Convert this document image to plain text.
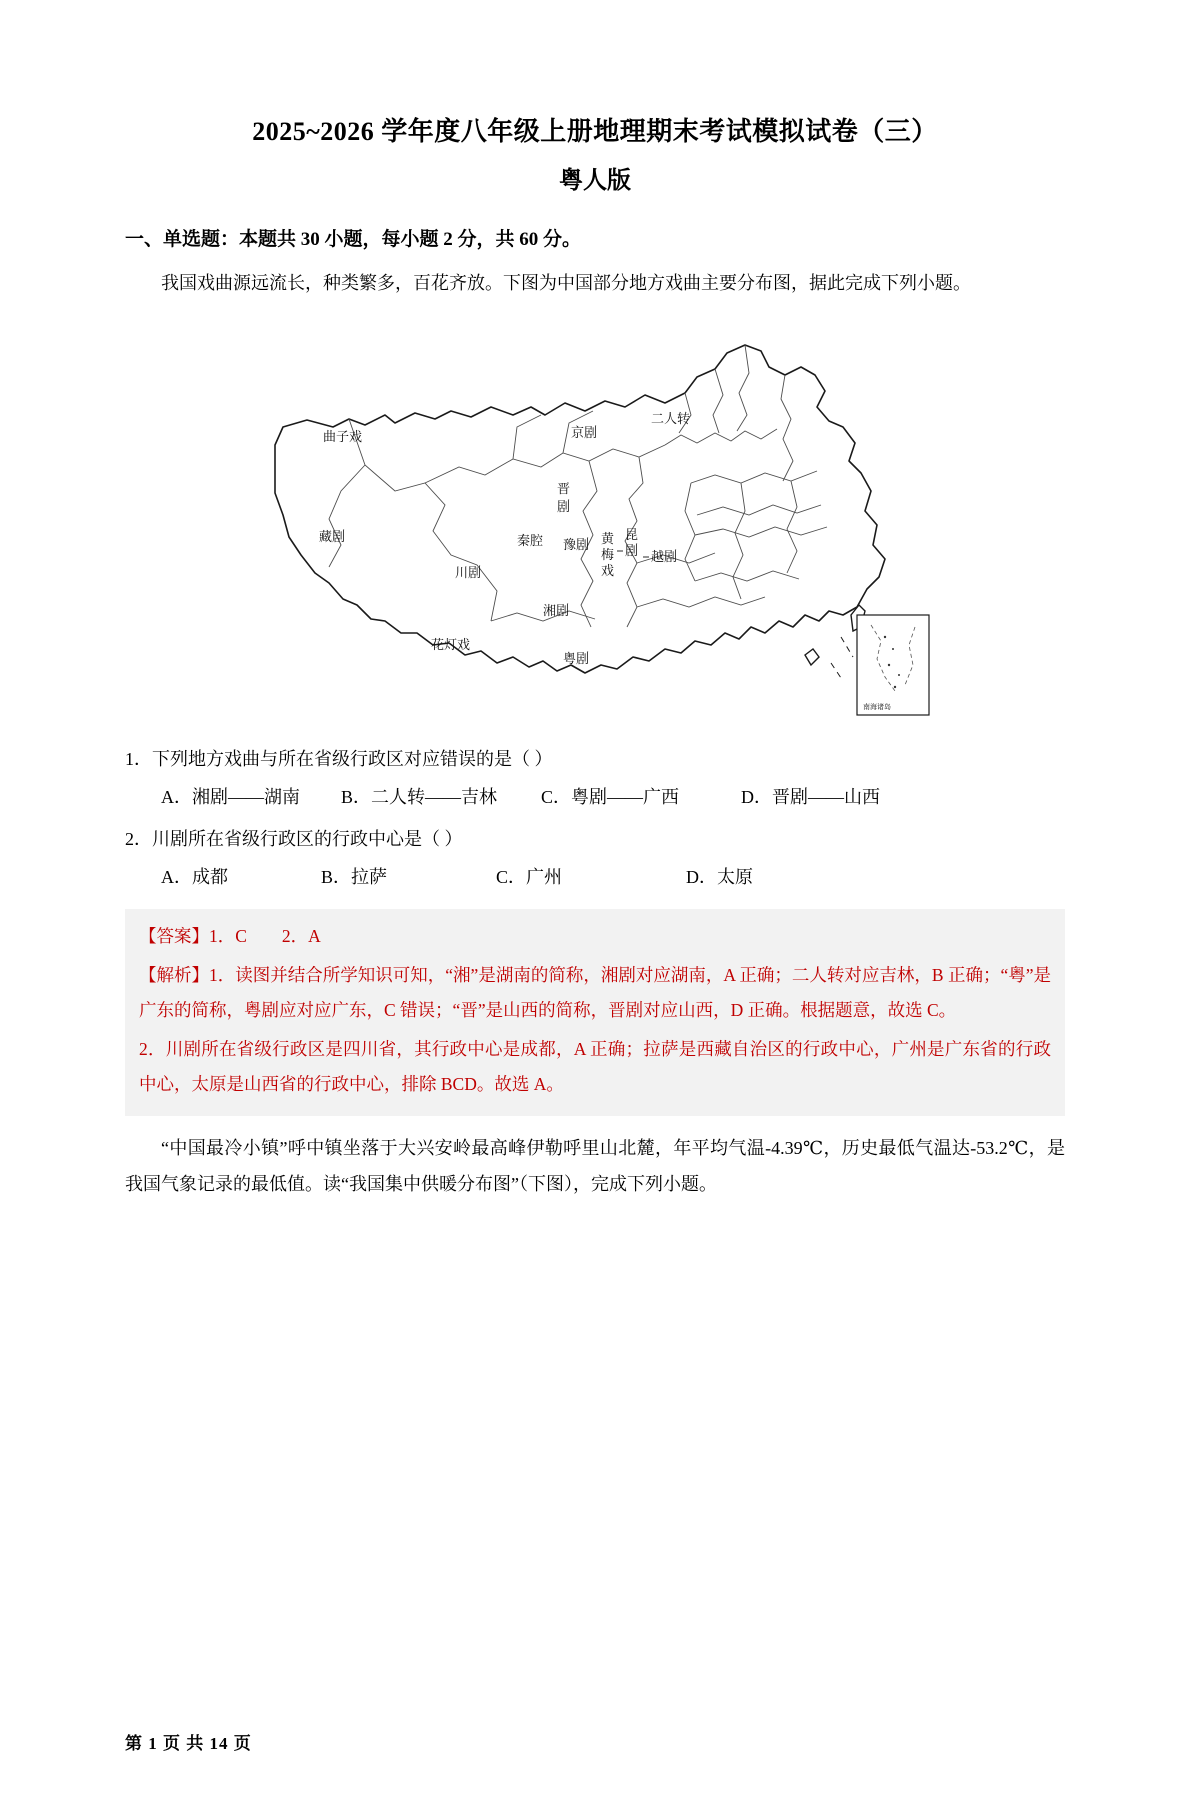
2025~2026 学年度八年级上册地理期末考试模拟试卷（三）
粤人版
一、单选题：本题共 30 小题，每小题 2 分，共 60 分。
我国戏曲源远流长，种类繁多，百花齐放。下图为中国部分地方戏曲主要分布图，据此完成下列小题。
南海诸岛
曲子戏
藏剧
川剧
花灯戏
秦腔 豫剧
晋
剧
京剧
二人转
黄
梅
戏
昆
剧 越剧
湘剧
粤剧
1．下列地方戏曲与所在省级行政区对应错误的是（ ）
A．湘剧——湖南	B．二人转——吉林	C．粤剧——广西	D．晋剧——山西
2．川剧所在省级行政区的行政中心是（ ）
A．成都	B．拉萨	C．广州	D．太原
【答案】1．C　　2．A
【解析】1．读图并结合所学知识可知，“湘”是湖南的简称，湘剧对应湖南，A 正确；二人转对应吉林，B 正确；“粤”是广东的简称，粤剧应对应广东，C 错误；“晋”是山西的简称，晋剧对应山西，D 正确。根据题意，故选 C。
2．川剧所在省级行政区是四川省，其行政中心是成都，A 正确；拉萨是西藏自治区的行政中心，广州是广东省的行政中心，太原是山西省的行政中心，排除 BCD。故选 A。
“中国最冷小镇”呼中镇坐落于大兴安岭最高峰伊勒呼里山北麓，年平均气温-4.39℃，历史最低气温达-53.2℃，是我国气象记录的最低值。读“我国集中供暖分布图”（下图），完成下列小题。
第 1 页 共 14 页
